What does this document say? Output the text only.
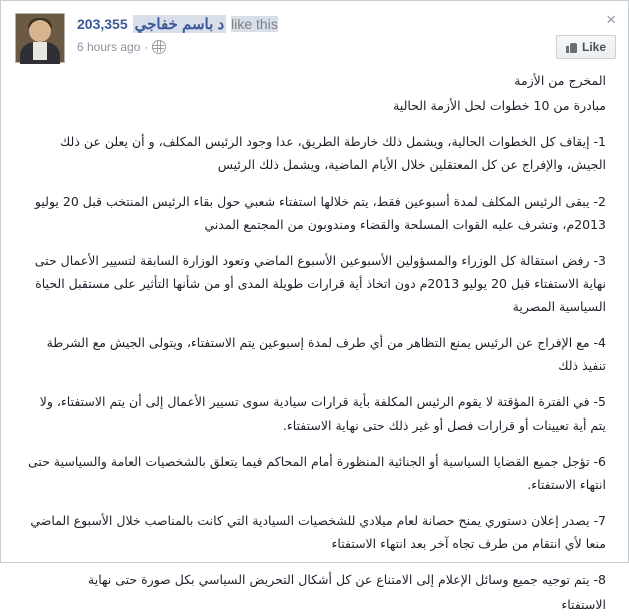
203,355 د باسم خفاجي like this
6 hours ago ·
×
Like

المخرج من الأزمة

مبادرة من 10 خطوات لحل الأزمة الحالية

1- إيقاف كل الخطوات الحالية، ويشمل ذلك خارطة الطريق، عدا وجود الرئيس المكلف، و أن يعلن عن ذلك الجيش، والإفراج عن كل المعتقلين خلال الأيام الماضية، ويشمل ذلك الرئيس

2- يبقى الرئيس المكلف لمدة أسبوعين فقط، يتم خلالها استفتاء شعبي حول بقاء الرئيس المنتخب قبل 20 يوليو 2013م، وتشرف عليه القوات المسلحة والقضاء ومندوبون من المجتمع المدني

3- رفض استقالة كل الوزراء والمسؤولين الأسبوعين الأسبوع الماضي وتعود الوزارة السابقة لتسيير الأعمال حتى نهاية الاستفتاء قبل 20 يوليو 2013م دون اتخاذ أية قرارات طويلة المدى أو من شأنها التأثير على مستقبل الحياة السياسية المصرية

4- مع الإفراج عن الرئيس يمنع التظاهر من أي طرف لمدة إسبوعين يتم الاستفتاء، ويتولى الجيش مع الشرطة تنفيذ ذلك

5- في الفترة المؤقتة لا يقوم الرئيس المكلفة بأية قرارات سيادية سوى تسيير الأعمال إلى أن يتم الاستفتاء، ولا يتم أية تعيينات أو قرارات فصل أو غير ذلك حتى نهاية الاستفتاء.

6- تؤجل جميع القضايا السياسية أو الجنائية المنظورة أمام المحاكم فيما يتعلق بالشخصيات العامة والسياسية حتى انتهاء الاستفتاء.

7- يصدر إعلان دستوري يمنح حصانة لعام ميلادي للشخصيات السيادية التي كانت بالمناصب خلال الأسبوع الماضي منعا لأي انتقام من طرف تجاه آخر بعد انتهاء الاستفتاء

8- يتم توجيه جميع وسائل الإعلام إلى الامتناع عن كل أشكال التحريض السياسي بكل صورة حتى نهاية

الاستفتاء
